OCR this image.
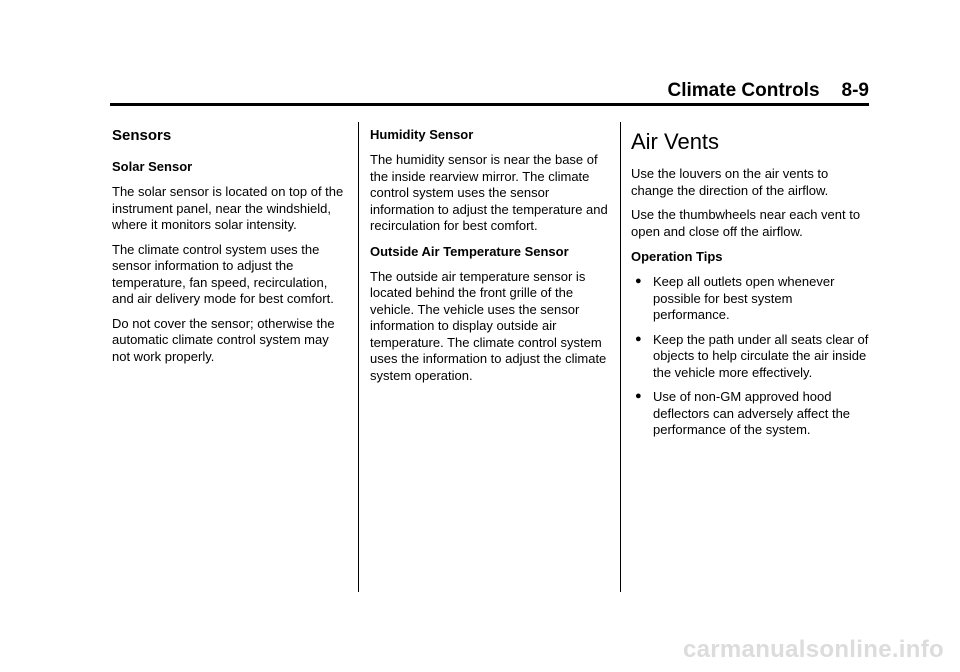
Climate Controls 8-9
Sensors
Solar Sensor

The solar sensor is located on top of the instrument panel, near the windshield, where it monitors solar intensity.

The climate control system uses the sensor information to adjust the temperature, fan speed, recirculation, and air delivery mode for best comfort.

Do not cover the sensor; otherwise the automatic climate control system may not work properly.

Humidity Sensor

The humidity sensor is near the base of the inside rearview mirror. The climate control system uses the sensor information to adjust the temperature and recirculation for best comfort.

Outside Air Temperature Sensor

The outside air temperature sensor is located behind the front grille of the vehicle. The vehicle uses the sensor information to display outside air temperature. The climate control system uses the information to adjust the climate system operation.

Air Vents

Use the louvers on the air vents to change the direction of the airflow.

Use the thumbwheels near each vent to open and close off the airflow.

Operation Tips
● Keep all outlets open whenever possible for best system performance.
● Keep the path under all seats clear of objects to help circulate the air inside the vehicle more effectively.
● Use of non-GM approved hood deflectors can adversely affect the performance of the system.
carmanualsonline.info
